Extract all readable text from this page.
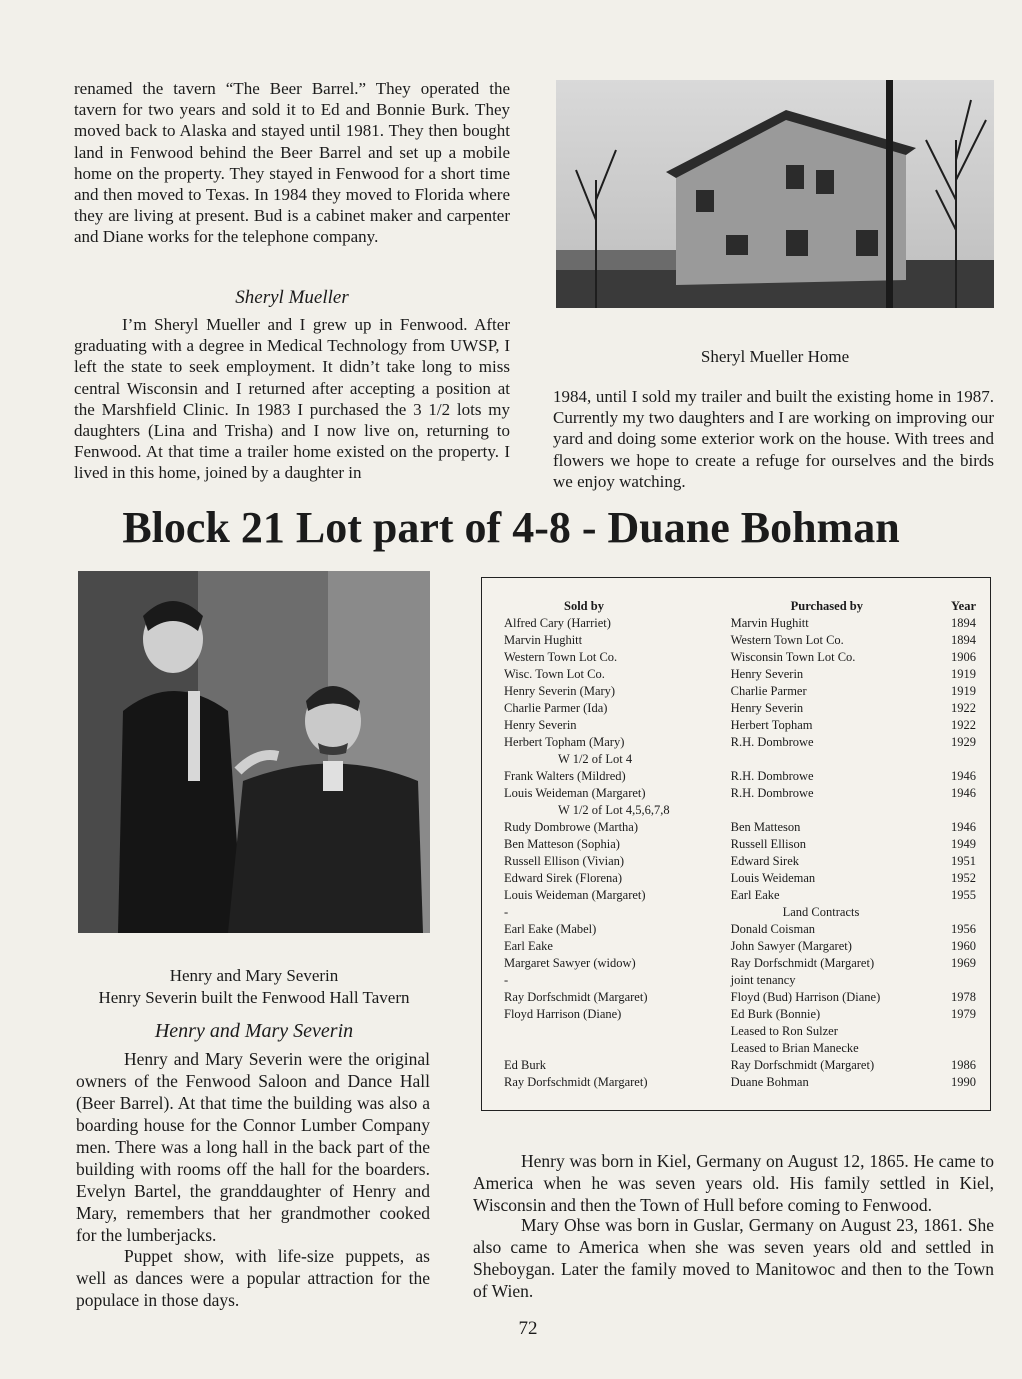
renamed the tavern “The Beer Barrel.” They operated the tavern for two years and sold it to Ed and Bonnie Burk. They moved back to Alaska and stayed until 1981. They then bought land in Fenwood behind the Beer Barrel and set up a mobile home on the property. They stayed in Fenwood for a short time and then moved to Texas. In 1984 they moved to Florida where they are living at present. Bud is a cabinet maker and carpenter and Diane works for the telephone company.

Sheryl Mueller

I’m Sheryl Mueller and I grew up in Fenwood. After graduating with a degree in Medical Technology from UWSP, I left the state to seek employment. It didn’t take long to miss central Wisconsin and I returned after accepting a position at the Marshfield Clinic. In 1983 I purchased the 3 1/2 lots my daughters (Lina and Trisha) and I now live on, returning to Fenwood. At that time a trailer home existed on the property. I lived in this home, joined by a daughter in

Sheryl Mueller Home

1984, until I sold my trailer and built the existing home in 1987. Currently my two daughters and I are working on improving our yard and doing some exterior work on the house. With trees and flowers we hope to create a refuge for ourselves and the birds we enjoy watching.

Block 21 Lot part of 4-8 - Duane Bohman

Henry and Mary Severin

Henry Severin built the Fenwood Hall Tavern

Henry and Mary Severin

Henry and Mary Severin were the original owners of the Fenwood Saloon and Dance Hall (Beer Barrel). At that time the building was also a boarding house for the Connor Lumber Company men. There was a long hall in the back part of the building with rooms off the hall for the boarders. Evelyn Bartel, the granddaughter of Henry and Mary, remembers that her grandmother cooked for the lumberjacks.

Puppet show, with life-size puppets, as well as dances were a popular attraction for the populace in those days.

Sold by	Purchased by	Year
Alfred Cary (Harriet)	Marvin Hughitt	1894
Marvin Hughitt	Western Town Lot Co.	1894
Western Town Lot Co.	Wisconsin Town Lot Co.	1906
Wisc. Town Lot Co.	Henry Severin	1919
Henry Severin (Mary)	Charlie Parmer	1919
Charlie Parmer (Ida)	Henry Severin	1922
Henry Severin	Herbert Topham	1922
Herbert Topham (Mary)	R.H. Dombrowe	1929
W 1/2 of Lot 4		
Frank Walters (Mildred)	R.H. Dombrowe	1946
Louis Weideman (Margaret)	R.H. Dombrowe	1946
W 1/2 of Lot 4,5,6,7,8		
Rudy Dombrowe (Martha)	Ben Matteson	1946
Ben Matteson (Sophia)	Russell Ellison	1949
Russell Ellison (Vivian)	Edward Sirek	1951
Edward Sirek (Florena)	Louis Weideman	1952
Louis Weideman (Margaret)	Earl Eake	1955
-	Land Contracts	
Earl Eake (Mabel)	Donald Coisman	1956
Earl Eake	John Sawyer (Margaret)	1960
Margaret Sawyer (widow)	Ray Dorfschmidt (Margaret)	1969
-	joint tenancy	
Ray Dorfschmidt (Margaret)	Floyd (Bud) Harrison (Diane)	1978
Floyd Harrison (Diane)	Ed Burk (Bonnie)	1979
	Leased to Ron Sulzer	
	Leased to Brian Manecke	
Ed Burk	Ray Dorfschmidt (Margaret)	1986
Ray Dorfschmidt (Margaret)	Duane Bohman	1990

Henry was born in Kiel, Germany on August 12, 1865. He came to America when he was seven years old. His family settled in Kiel, Wisconsin and then the Town of Hull before coming to Fenwood.

Mary Ohse was born in Guslar, Germany on August 23, 1861. She also came to America when she was seven years old and settled in Sheboygan. Later the family moved to Manitowoc and then to the Town of Wien.

72
